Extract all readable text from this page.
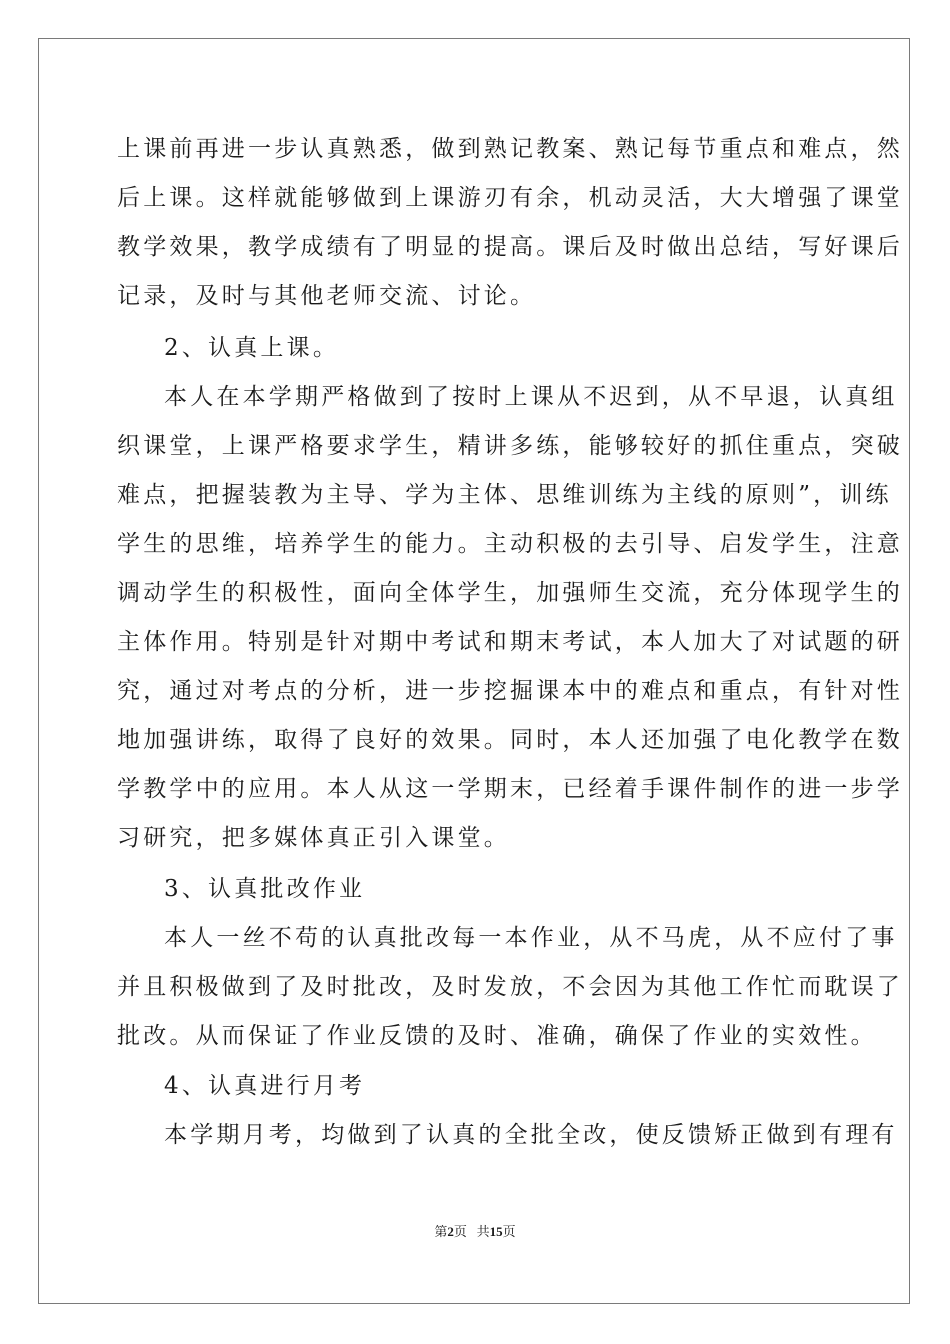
上课前再进一步认真熟悉，做到熟记教案、熟记每节重点和难点，然
后上课。这样就能够做到上课游刃有余，机动灵活，大大增强了课堂
教学效果，教学成绩有了明显的提高。课后及时做出总结，写好课后
记录，及时与其他老师交流、讨论。
2、认真上课。
本人在本学期严格做到了按时上课从不迟到，从不早退，认真组
织课堂，上课严格要求学生，精讲多练，能够较好的抓住重点，突破
难点，把握装教为主导、学为主体、思维训练为主线的原则”，训练
学生的思维，培养学生的能力。主动积极的去引导、启发学生，注意
调动学生的积极性，面向全体学生，加强师生交流，充分体现学生的
主体作用。特别是针对期中考试和期末考试，本人加大了对试题的研
究，通过对考点的分析，进一步挖掘课本中的难点和重点，有针对性
地加强讲练，取得了良好的效果。同时，本人还加强了电化教学在数
学教学中的应用。本人从这一学期末，已经着手课件制作的进一步学
习研究，把多媒体真正引入课堂。
3、认真批改作业
本人一丝不苟的认真批改每一本作业，从不马虎，从不应付了事
并且积极做到了及时批改，及时发放，不会因为其他工作忙而耽误了
批改。从而保证了作业反馈的及时、准确，确保了作业的实效性。
4、认真进行月考
本学期月考，均做到了认真的全批全改，使反馈矫正做到有理有
第2页 共15页
